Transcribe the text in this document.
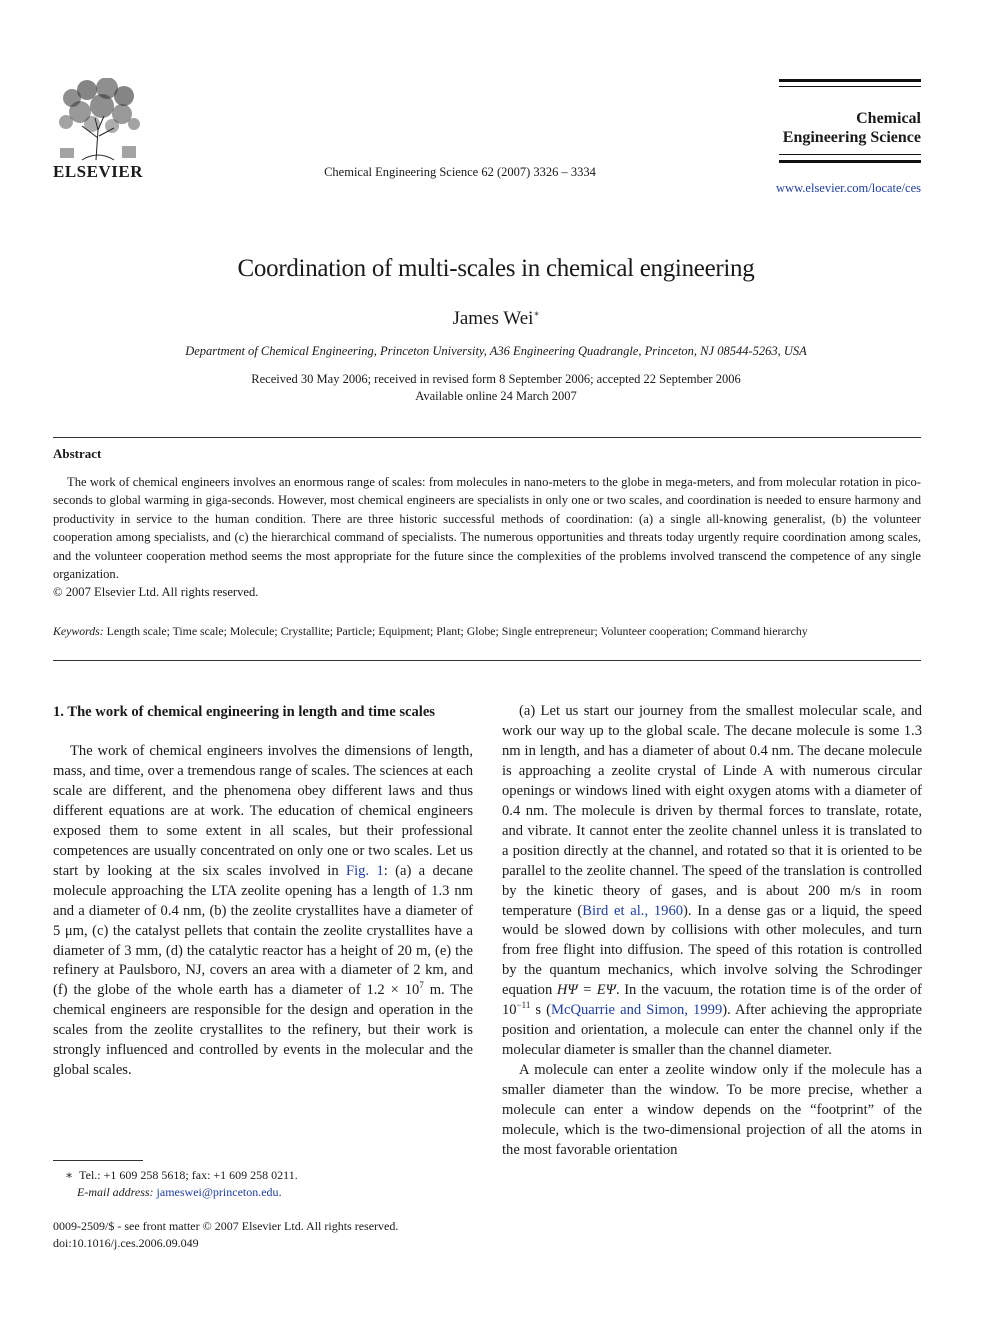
ELSEVIER	Chemical Engineering Science 62 (2007) 3326 – 3334
Chemical
Engineering Science
www.elsevier.com/locate/ces
Coordination of multi-scales in chemical engineering
James Wei∗
Department of Chemical Engineering, Princeton University, A36 Engineering Quadrangle, Princeton, NJ 08544-5263, USA
Received 30 May 2006; received in revised form 8 September 2006; accepted 22 September 2006
Available online 24 March 2007
Abstract

The work of chemical engineers involves an enormous range of scales: from molecules in nano-meters to the globe in mega-meters, and from molecular rotation in pico-seconds to global warming in giga-seconds. However, most chemical engineers are specialists in only one or two scales, and coordination is needed to ensure harmony and productivity in service to the human condition. There are three historic successful methods of coordination: (a) a single all-knowing generalist, (b) the volunteer cooperation among specialists, and (c) the hierarchical command of specialists. The numerous opportunities and threats today urgently require coordination among scales, and the volunteer cooperation method seems the most appropriate for the future since the complexities of the problems involved transcend the competence of any single organization.
© 2007 Elsevier Ltd. All rights reserved.

Keywords: Length scale; Time scale; Molecule; Crystallite; Particle; Equipment; Plant; Globe; Single entrepreneur; Volunteer cooperation; Command hierarchy
1. The work of chemical engineering in length and time scales

The work of chemical engineers involves the dimensions of length, mass, and time, over a tremendous range of scales. The sciences at each scale are different, and the phenomena obey different laws and thus different equations are at work. The education of chemical engineers exposed them to some extent in all scales, but their professional competences are usually concentrated on only one or two scales. Let us start by looking at the six scales involved in Fig. 1: (a) a decane molecule approaching the LTA zeolite opening has a length of 1.3 nm and a diameter of 0.4 nm, (b) the zeolite crystallites have a diameter of 5 μm, (c) the catalyst pellets that contain the zeolite crystallites have a diameter of 3 mm, (d) the catalytic reactor has a height of 20 m, (e) the refinery at Paulsboro, NJ, covers an area with a diameter of 2 km, and (f) the globe of the whole earth has a diameter of $1.2 \times 10^7$ m. The chemical engineers are responsible for the design and operation in the scales from the zeolite crystallites to the refinery, but their work is strongly influenced and controlled by events in the molecular and the global scales.

∗ Tel.: +1 609 258 5618; fax: +1 609 258 0211.
E-mail address: jameswei@princeton.edu.
0009-2509/$ - see front matter © 2007 Elsevier Ltd. All rights reserved.
doi:10.1016/j.ces.2006.09.049

(a) Let us start our journey from the smallest molecular scale, and work our way up to the global scale. The decane molecule is some 1.3 nm in length, and has a diameter of about 0.4 nm. The decane molecule is approaching a zeolite crystal of Linde A with numerous circular openings or windows lined with eight oxygen atoms with a diameter of 0.4 nm. The molecule is driven by thermal forces to translate, rotate, and vibrate. It cannot enter the zeolite channel unless it is translated to a position directly at the channel, and rotated so that it is oriented to be parallel to the zeolite channel. The speed of the translation is controlled by the kinetic theory of gases, and is about 200 m/s in room temperature (Bird et al., 1960). In a dense gas or a liquid, the speed would be slowed down by collisions with other molecules, and turn from free flight into diffusion. The speed of this rotation is controlled by the quantum mechanics, which involve solving the Schrodinger equation HΨ = EΨ. In the vacuum, the rotation time is of the order of $10^{-11}$ s (McQuarrie and Simon, 1999). After achieving the appropriate position and orientation, a molecule can enter the channel only if the molecular diameter is smaller than the channel diameter.

A molecule can enter a zeolite window only if the molecule has a smaller diameter than the window. To be more precise, whether a molecule can enter a window depends on the “footprint” of the molecule, which is the two-dimensional projection of all the atoms in the most favorable orientation
